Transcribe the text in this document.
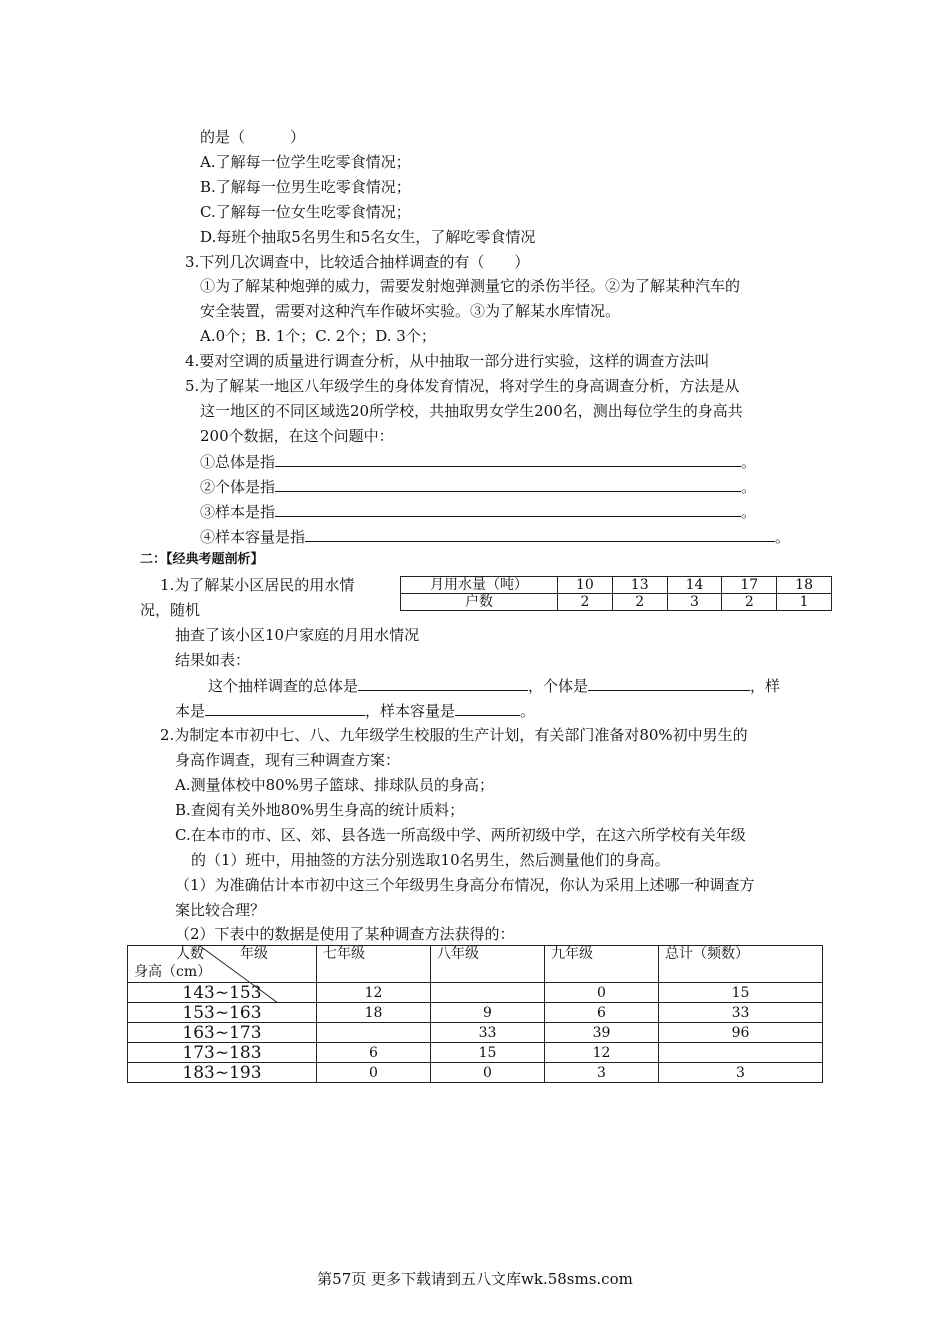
的是（　　　）
A.了解每一位学生吃零食情况；
B.了解每一位男生吃零食情况；
C.了解每一位女生吃零食情况；
D.每班个抽取5名男生和5名女生，了解吃零食情况
3.下列几次调查中，比较适合抽样调查的有（　　）
①为了解某种炮弹的威力，需要发射炮弹测量它的杀伤半径。②为了解某种汽车的
安全装置，需要对这种汽车作破坏实验。③为了解某水库情况。
A.0个；B. 1个；C. 2个；D. 3个；
4.要对空调的质量进行调查分析，从中抽取一部分进行实验，这样的调查方法叫
5.为了解某一地区八年级学生的身体发育情况，将对学生的身高调查分析，方法是从
这一地区的不同区域选20所学校，共抽取男女学生200名，测出每位学生的身高共
200个数据，在这个问题中：
①总体是指	。
②个体是指	。
③样本是指	。
④样本容量是指	。
二：【经典考题剖析】
1.为了解某小区居民的用水情
况，随机
月用水量（吨）	10	13	14	17	18
户数	2	2	3	2	1
抽查了该小区10户家庭的月用水情况
结果如表：
这个抽样调查的总体是	，个体是	，样
本是	，样本容量是	。
2.为制定本市初中七、八、九年级学生校服的生产计划，有关部门准备对80%初中男生的
身高作调查，现有三种调查方案：
A.测量体校中80%男子篮球、排球队员的身高；
B.查阅有关外地80%男生身高的统计质料；
C.在本市的市、区、郊、县各选一所高级中学、两所初级中学，在这六所学校有关年级
的（1）班中，用抽签的方法分别选取10名男生，然后测量他们的身高。
（1）为准确估计本市初中这三个年级男生身高分布情况，你认为采用上述哪一种调查方
案比较合理？
（2）下表中的数据是使用了某种调查方法获得的：
人数 年级
身高（cm）	七年级	八年级	九年级	总计（频数）
143~153	12		0	15
153~163	18	9	6	33
163~173		33	39	96
173~183	6	15	12	
183~193	0	0	3	3
第57页 更多下载请到五八文库wk.58sms.com
